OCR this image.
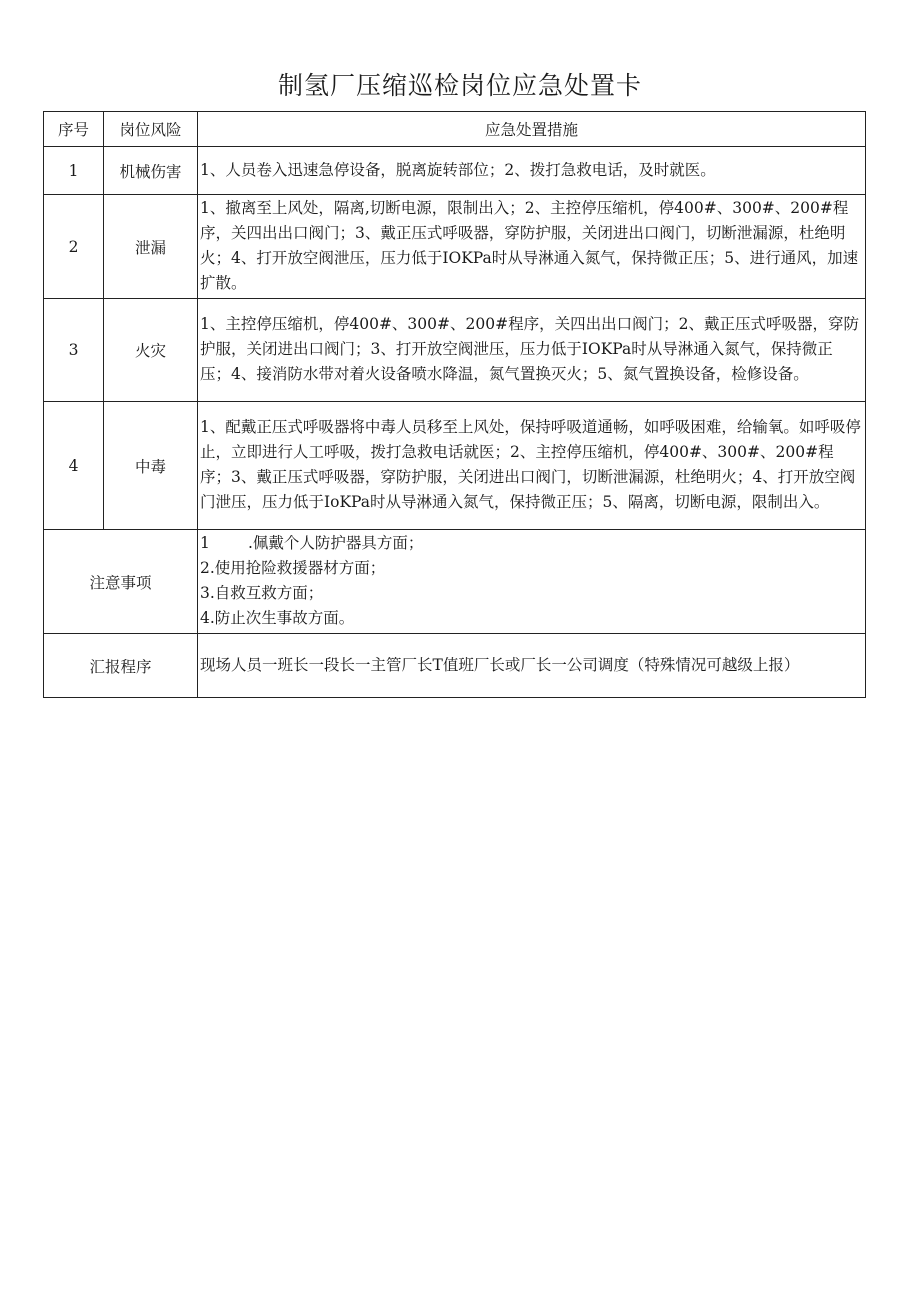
制氢厂压缩巡检岗位应急处置卡
序号	岗位风险	应急处置措施
1	机械伤害	1、人员卷入迅速急停设备，脱离旋转部位；2、拨打急救电话，及时就医。
2	泄漏	1、撤离至上风处，隔离,切断电源，限制出入；2、主控停压缩机，停400#、300#、200#程序，关四出出口阀门；3、戴正压式呼吸器，穿防护服，关闭进出口阀门，切断泄漏源，杜绝明火；4、打开放空阀泄压，压力低于IOKPa时从导淋通入氮气，保持微正压；5、进行通风，加速扩散。
3	火灾	1、主控停压缩机，停400#、300#、200#程序，关四出出口阀门；2、戴正压式呼吸器，穿防护服，关闭进出口阀门；3、打开放空阀泄压，压力低于IOKPa时从导淋通入氮气，保持微正压；4、接消防水带对着火设备喷水降温，氮气置换灭火；5、氮气置换设备，检修设备。
4	中毒	1、配戴正压式呼吸器将中毒人员移至上风处，保持呼吸道通畅，如呼吸困难，给输氧。如呼吸停止，立即进行人工呼吸，拨打急救电话就医；2、主控停压缩机，停400#、300#、200#程序；3、戴正压式呼吸器，穿防护服，关闭进出口阀门，切断泄漏源，杜绝明火；4、打开放空阀门泄压，压力低于IoKPa时从导淋通入氮气，保持微正压；5、隔离，切断电源，限制出入。
注意事项		1 .佩戴个人防护器具方面；
2.使用抢险救援器材方面；
3.自救互救方面；
4.防止次生事故方面。

汇报程序		现场人员一班长一段长一主管厂长T值班厂长或厂长一公司调度（特殊情况可越级上报）
